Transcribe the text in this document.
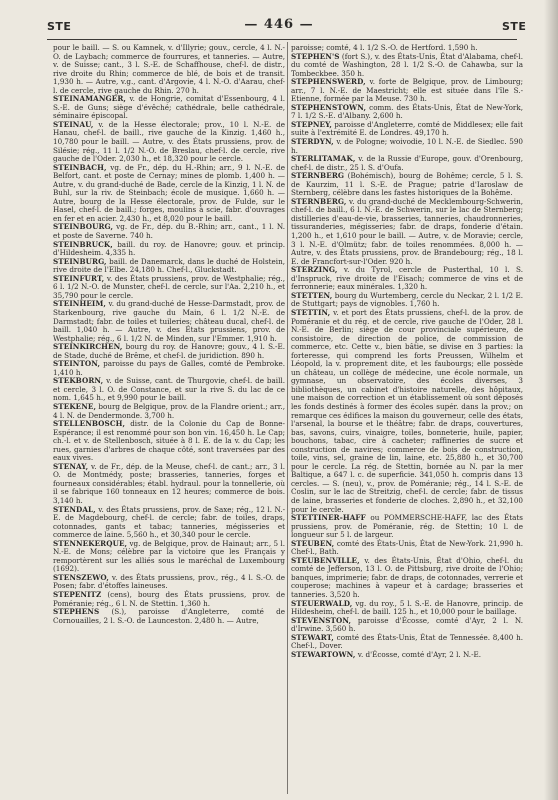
STE	— 446 —	STE

pour le baill. — S. ou Kamnek, v. d'Illyrie; gouv., cercle, 4 l. N.-O. de Laybach; commerce de fourrures, et tanneries. — Autre, v. de Suisse; cant., 3 l. S.-E. de Schaffhouse, chef-l. de distr., rive droite du Rhin; commerce de blé, de bois et de transit. 1,930 h. — Autre, v.g., cant. d'Argovie, 4 l. N.-O. d'Aarau, chef-l. de cercle, rive gauche du Rhin. 270 h.

STEINAMANGER, v. de Hongrie, comitat d'Essenbourg, 4 l. S.-E. de Guns; siège d'évêché; cathédrale, belle cathédrale, séminaire épiscopal.

STEINAU, v. de la Hesse électorale; prov., 10 l. N.-E. de Hanau, chef-l. de baill., rive gauche de la Kinzig. 1,460 h., 10,780 pour le baill. — Autre, v. des États prussiens, prov. de Silésie; rég., 11 l. 1/2 N.-O. de Breslau, chef-l. de cercle, rive gauche de l'Oder. 2,030 h., et 18,320 pour le cercle.

STEINBACH, vg. de Fr., dép. du H.-Rhin; arr., 9 l. N.-E. de Belfort, cant. et poste de Cernay; mines de plomb. 1,400 h. — Autre, v. du grand-duché de Bade, cercle de la Kinzig, 1 l. N. de Buhl, sur la riv. de Steinbach; école de musique. 1,660 h. — Autre, bourg de la Hesse électorale, prov. de Fulde, sur le Hasel, chef-l. de baill.; forges, moulins à scie, fabr. d'ouvrages en fer et en acier. 2,430 h., et 8,020 pour le baill.

STEINBOURG, vg. de Fr., dép. du B.-Rhin; arr., cant., 1 l. N. et poste de Saverne. 740 h.

STEINBRUCK, baill. du roy. de Hanovre; gouv. et princip. d'Hildesheim. 4,335 h.

STEINBURG, baill. de Danemarck, dans le duché de Holstein, rive droite de l'Elbe. 24,180 h. Chef-l., Gluckstadt.

STEINFURT, v. des États prussiens, prov. de Westphalie; rég., 6 l. 1/2 N.-O. de Munster, chef-l. de cercle, sur l'Aa. 2,210 h., et 35,790 pour le cercle.

STEINHEIM, v. du grand-duché de Hesse-Darmstadt, prov. de Starkenbourg, rive gauche du Main, 6 l. 1/2 N.-E. de Darmstadt; fabr. de toiles et tuileries; château ducal, chef-l. de baill. 1,040 h. — Autre, v. des États prussiens, prov. de Westphalie; rég., 6 l. 1/2 N. de Minden, sur l'Emmer. 1,910 h.

STEINKIRCHEN, bourg du roy. de Hanovre; gouv., 4 l. S.-E. de Stade, duché de Brême, et chef-l. de juridiction. 890 h.

STEINTON, paroisse du pays de Galles, comté de Pembroke. 1,410 h.

STEKBORN, v. de Suisse, cant. de Thurgovie, chef-l. de baill. et cercle, 3 l. O. de Constance, et sur la rive S. du lac de ce nom. 1,645 h., et 9,990 pour le baill.

STEKENE, bourg de Belgique, prov. de la Flandre orient.; arr., 4 l. N. de Dendermonde. 3,700 h.

STELLENBOSCH, distr. de la Colonie du Cap de Bonne-Espérance; il est renommé pour son bon vin. 16,450 h. Le Cap; ch.-l. et v. de Stellenbosch, située à 8 l. E. de la v. du Cap; les rues, garnies d'arbres de chaque côté, sont traversées par des eaux vives.

STENAY, v. de Fr., dép. de la Meuse, chef-l. de cant.; arr., 3 l. O. de Montmédy, poste; brasseries, tanneries, forges et fourneaux considérables; établ. hydraul. pour la tonnellerie, où il se fabrique 160 tonneaux en 12 heures; commerce de bois. 3,140 h.

STENDAL, v. des États prussiens, prov. de Saxe; rég., 12 l. N.-E. de Magdebourg, chef-l. de cercle; fabr. de toiles, draps, cotonnades, gants et tabac; tanneries, mégisseries et commerce de laine. 5,560 h., et 30,340 pour le cercle.

STENNEKERQUE, vg. de Belgique, prov. de Hainaut; arr., 5 l. N.-E. de Mons; célèbre par la victoire que les Français y remportèrent sur les alliés sous le maréchal de Luxembourg (1692).

STENSZEWO, v. des États prussiens, prov., rég., 4 l. S.-O. de Posen; fabr. d'étoffes laineuses.

STEPENITZ (cens), bourg des États prussiens, prov. de Poméranie; rég., 6 l. N. de Stettin. 1,360 h.

STEPHENS (S.), paroisse d'Angleterre, comté de Cornouailles, 2 l. S.-O. de Launceston. 2,480 h. — Autre,

paroisse; comté, 4 l. 1/2 S.-O. de Hertford. 1,590 h.

STEPHEN'S (fort S.), v. des États-Unis, État d'Alabama, chef-l. du comté de Washington, 28 l. 1/2 S.-O. de Cahawba, sur la Tombeckbee. 350 h.

STEPHENSWERD, v. forte de Belgique, prov. de Limbourg; arr., 7 l. N.-E. de Maestricht; elle est située dans l'île S.-Etienne, formée par la Meuse. 730 h.

STEPHENSTOWN, comm. des États-Unis, État de New-York, 7 l. 1/2 S.-E. d'Albany. 2,600 h.

STEPNEY, paroisse d'Angleterre, comté de Middlesex; elle fait suite à l'extrémité E. de Londres. 49,170 h.

STERDYN, v. de Pologne; woivodie, 10 l. N.-E. de Siedlec. 590 h.

STERLITAMAK, v. de la Russie d'Europe, gouv. d'Orenbourg, chef-l. de distr., 25 l. S. d'Oufa.

STERNBERG (Bohémisch), bourg de Bohême; cercle, 5 l. S. de Kaurzim, 11 l. S.-E. de Prague; patrie d'Iaroslaw de Sternberg, célèbre dans les fastes historiques de la Bohême.

STERNBERG, v. du grand-duché de Mecklembourg-Schwerin, chef-l. de baill., 6 l. N.-E. de Schwerin, sur le lac de Sternberg; distilleries d'eau-de-vie, brasseries, tanneries, chaudronneries, tissuranderies, mégisseries; fabr. de draps, fonderie d'étain. 1,200 h., et 1,610 pour le baill. — Autre, v. de Moravie; cercle, 3 l. N.-E. d'Olmütz; fabr. de toiles renommées. 8,000 h. — Autre, v. des États prussiens, prov. de Brandebourg; rég., 18 l. E. de Francfort-sur-l'Oder. 920 h.

STERZING, v. du Tyrol, cercle de Pusterthal, 10 l. S. d'Inspruck, rive droite de l'Eisach; commerce de vins et de ferronnerie; eaux minérales. 1,320 h.

STETTEN, bourg du Wurtemberg, cercle du Neckar, 2 l. 1/2 E. de Stuttgart; pays de vignobles. 1,760 h.

STETTIN, v. et port des États prussiens, chef-l. de la prov. de Poméranie et du rég. et de cercle, rive gauche de l'Oder, 28 l. N.-E. de Berlin; siège de cour provinciale supérieure, de consistoire, de direction de police, de commission de commerce, etc. Cette v., bien bâtie, se divise en 3 parties: la forteresse, qui comprend les forts Preussen, Wilhelm et Léopold, la v. proprement dite, et les faubourgs; elle possède un château, un collège de médecine, une école normale, un gymnase, un observatoire, des écoles diverses, 3 bibliothèques, un cabinet d'histoire naturelle, des hôpitaux, une maison de correction et un établissement où sont déposés les fonds destinés à former des écoles supér. dans la prov.; on remarque ces édifices la maison du gouverneur, celle des états, l'arsenal, la bourse et le théâtre; fabr. de draps, couvertures, bas, savons, cuirs, vinaigre, toiles, bonneterie, huile, papier, bouchons, tabac, cire à cacheter; raffineries de sucre et construction de navires; commerce de bois de construction, toile, vins, sel, graine de lin, laine, etc. 25,880 h., et 30,700 pour le cercle. La rég. de Stettin, bornée au N. par la mer Baltique, a 647 l. c. de superficie. 341,050 h. compris dans 13 cercles. — S. (neu), v., prov. de Poméranie; rég., 14 l. S.-E. de Coslin, sur le lac de Streitzig, chef-l. de cercle; fabr. de tissus de laine, brasseries et fonderie de cloches. 2,890 h., et 32,100 pour le cercle.

STETTINER-HAFF ou POMMERSCHE-HAFF, lac des États prussiens, prov. de Poméranie, rég. de Stettin; 10 l. de longueur sur 5 l. de largeur.

STEUBEN, comté des États-Unis, État de New-York. 21,990 h. Chef-l., Bath.

STEUBENVILLE, v. des États-Unis, État d'Ohio, chef-l. du comté de Jefferson, 13 l. O. de Pittsburg, rive droite de l'Ohio; banques, imprimerie; fabr. de draps, de cotonnades, verrerie et couperose; machines à vapeur et à cardage; brasseries et tanneries. 3,520 h.

STEUERWALD, vg. du roy., 5 l. S.-E. de Hanovre, princip. de Hildesheim, chef-l. de baill. 125 h., et 10,000 pour le baillage.

STEVENSTON, paroisse d'Écosse, comté d'Ayr, 2 l. N. d'Irwine. 3,560 h.

STEWART, comté des États-Unis, État de Tennessée. 8,400 h. Chef-l., Dover.

STEWARTOWN, v. d'Écosse, comté d'Ayr, 2 l. N.-E.
